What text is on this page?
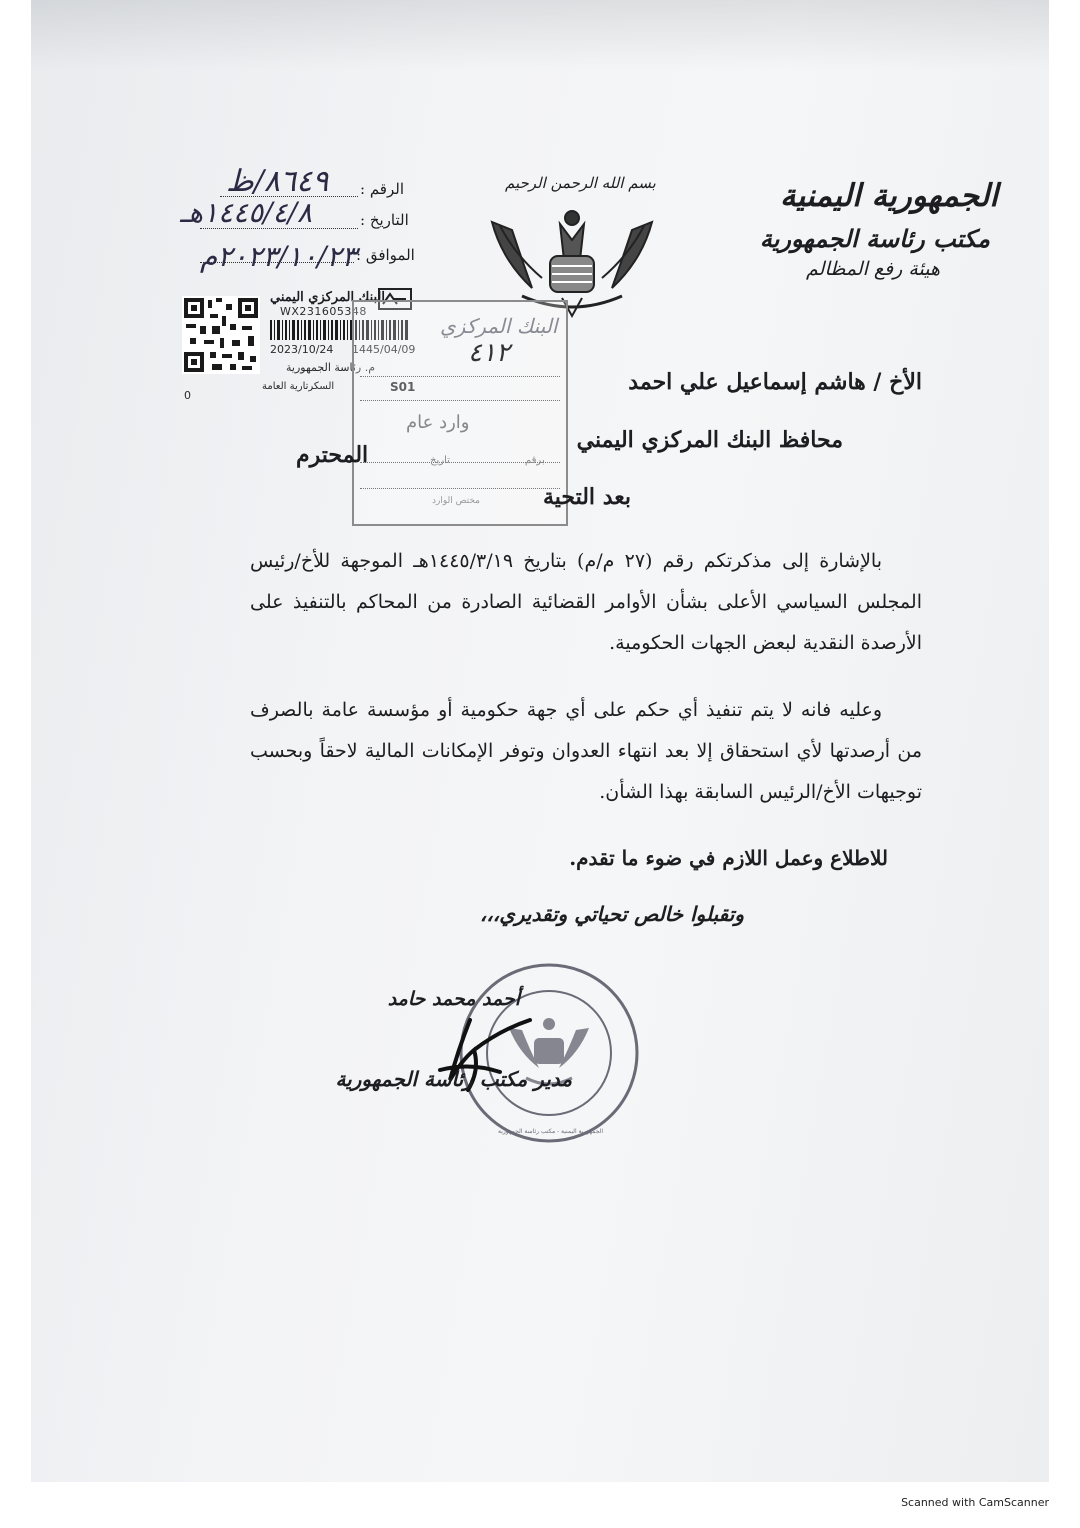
الجمهورية اليمنية
مكتب رئاسة الجمهورية
هيئة رفع المظالم
بسم الله الرحمن الرحيم
الرقم :
٨٦٤٩/ظ
التاريخ :
١٤٤٥/٤/٨هـ
الموافق :
٢٠٢٣/١٠/٢٣م
البنك المركزي اليمني
WX231605348
2023/10/24 1445/04/09
م. رئاسة الجمهورية
0
السكرتارية العامة	S01
البنك المركزي
٤١٢
وارد عام
برقم
تاريخ
مختص الوارد
الأخ / هاشم إسماعيل علي احمد
محافظ البنك المركزي اليمني
المحترم
بعد التحية
بالإشارة إلى مذكرتكم رقم (٢٧ م/م) بتاريخ ١٤٤٥/٣/١٩هـ الموجهة للأخ/رئيس المجلس السياسي الأعلى بشأن الأوامر القضائية الصادرة من المحاكم بالتنفيذ على الأرصدة النقدية لبعض الجهات الحكومية.
وعليه فانه لا يتم تنفيذ أي حكم على أي جهة حكومية أو مؤسسة عامة بالصرف من أرصدتها لأي استحقاق إلا بعد انتهاء العدوان وتوفر الإمكانات المالية لاحقاً وبحسب توجيهات الأخ/الرئيس السابقة بهذا الشأن.
للاطلاع وعمل اللازم في ضوء ما تقدم.
وتقبلوا خالص تحياتي وتقديري،،،
الجمهورية اليمنية - مكتب رئاسة الجمهورية
أحمد محمد حامد
مدير مكتب رئاسة الجمهورية
Scanned with CamScanner
